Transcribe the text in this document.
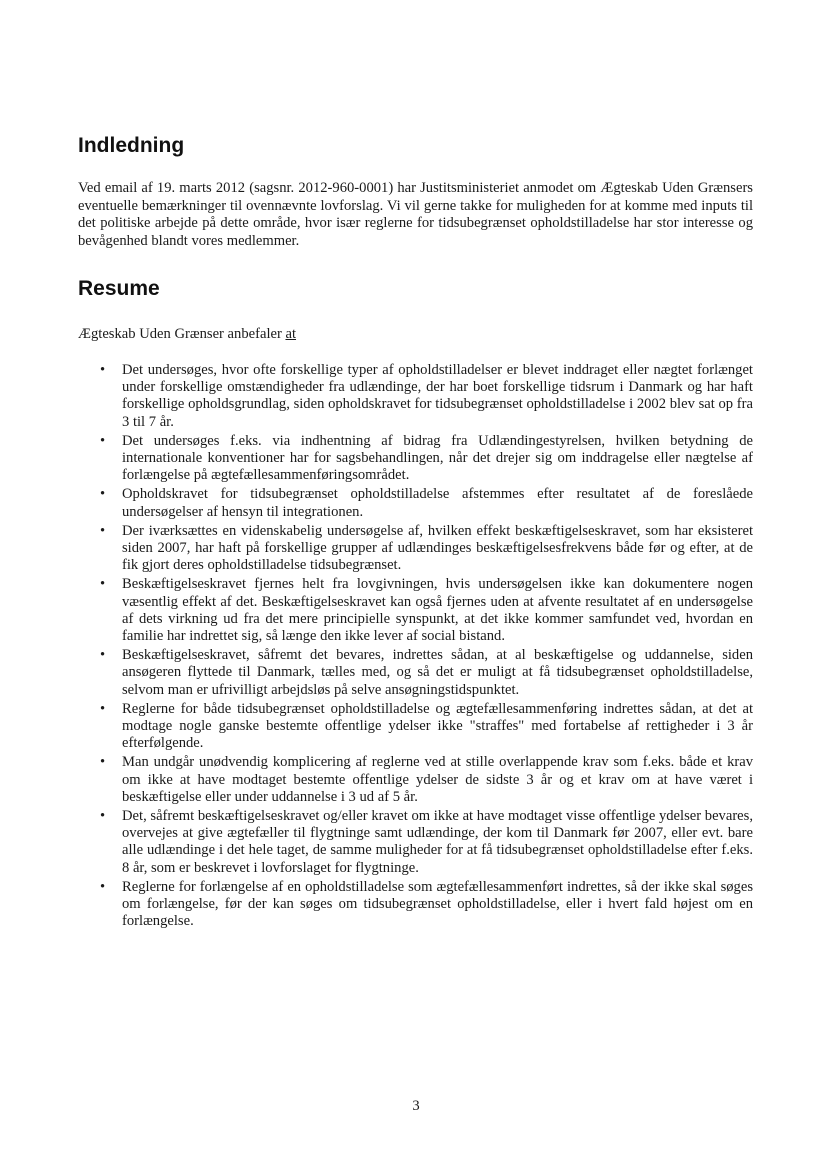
Indledning

Ved email af 19. marts 2012 (sagsnr. 2012-960-0001) har Justitsministeriet anmodet om Ægteskab Uden Grænsers eventuelle bemærkninger til ovennævnte lovforslag. Vi vil gerne takke for muligheden for at komme med inputs til det politiske arbejde på dette område, hvor især reglerne for tidsubegrænset opholdstilladelse har stor interesse og bevågenhed blandt vores medlemmer.

Resume

Ægteskab Uden Grænser anbefaler at

• Det undersøges, hvor ofte forskellige typer af opholdstilladelser er blevet inddraget eller nægtet forlænget under forskellige omstændigheder fra udlændinge, der har boet forskellige tidsrum i Danmark og har haft forskellige opholdsgrundlag, siden opholdskravet for tidsubegrænset opholdstilladelse i 2002 blev sat op fra 3 til 7 år.
• Det undersøges f.eks. via indhentning af bidrag fra Udlændingestyrelsen, hvilken betydning de internationale konventioner har for sagsbehandlingen, når det drejer sig om inddragelse eller nægtelse af forlængelse på ægtefællesammenføringsområdet.
• Opholdskravet for tidsubegrænset opholdstilladelse afstemmes efter resultatet af de foreslåede undersøgelser af hensyn til integrationen.
• Der iværksættes en videnskabelig undersøgelse af, hvilken effekt beskæftigelseskravet, som har eksisteret siden 2007, har haft på forskellige grupper af udlændinges beskæftigelsesfrekvens både før og efter, at de fik gjort deres opholdstilladelse tidsubegrænset.
• Beskæftigelseskravet fjernes helt fra lovgivningen, hvis undersøgelsen ikke kan dokumentere nogen væsentlig effekt af det. Beskæftigelseskravet kan også fjernes uden at afvente resultatet af en undersøgelse af dets virkning ud fra det mere principielle synspunkt, at det ikke kommer samfundet ved, hvordan en familie har indrettet sig, så længe den ikke lever af social bistand.
• Beskæftigelseskravet, såfremt det bevares, indrettes sådan, at al beskæftigelse og uddannelse, siden ansøgeren flyttede til Danmark, tælles med, og så det er muligt at få tidsubegrænset opholdstilladelse, selvom man er ufrivilligt arbejdsløs på selve ansøgningstidspunktet.
• Reglerne for både tidsubegrænset opholdstilladelse og ægtefællesammenføring indrettes sådan, at det at modtage nogle ganske bestemte offentlige ydelser ikke "straffes" med fortabelse af rettigheder i 3 år efterfølgende.
• Man undgår unødvendig komplicering af reglerne ved at stille overlappende krav som f.eks. både et krav om ikke at have modtaget bestemte offentlige ydelser de sidste 3 år og et krav om at have været i beskæftigelse eller under uddannelse i 3 ud af 5 år.
• Det, såfremt beskæftigelseskravet og/eller kravet om ikke at have modtaget visse offentlige ydelser bevares, overvejes at give ægtefæller til flygtninge samt udlændinge, der kom til Danmark før 2007, eller evt. bare alle udlændinge i det hele taget, de samme muligheder for at få tidsubegrænset opholdstilladelse efter f.eks. 8 år, som er beskrevet i lovforslaget for flygtninge.
• Reglerne for forlængelse af en opholdstilladelse som ægtefællesammenført indrettes, så der ikke skal søges om forlængelse, før der kan søges om tidsubegrænset opholdstilladelse, eller i hvert fald højest om en forlængelse.
3
